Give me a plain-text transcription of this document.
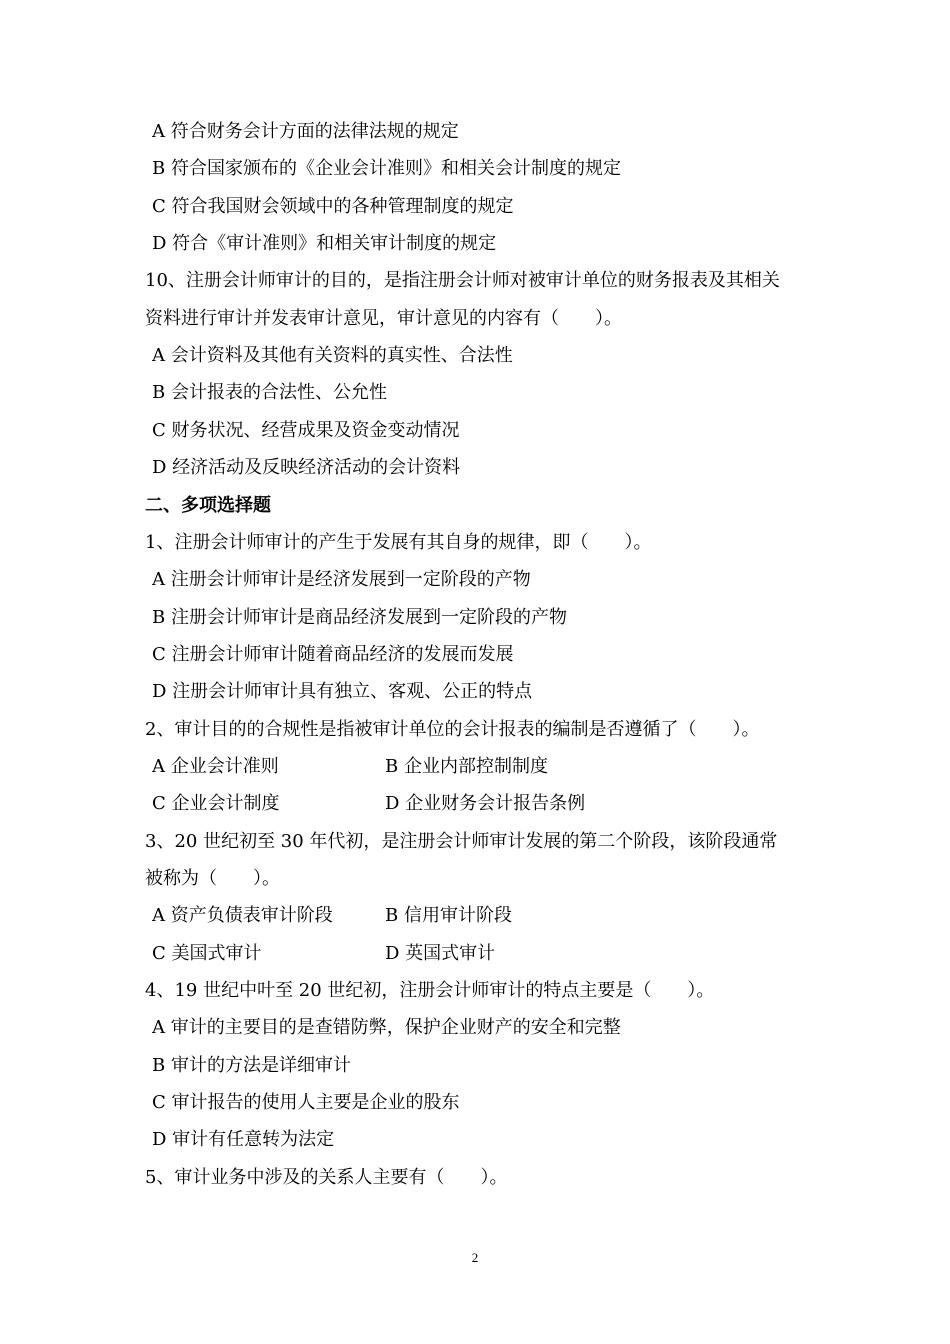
A 符合财务会计方面的法律法规的规定
B 符合国家颁布的《企业会计准则》和相关会计制度的规定
C 符合我国财会领域中的各种管理制度的规定
D 符合《审计准则》和相关审计制度的规定
10、注册会计师审计的目的，是指注册会计师对被审计单位的财务报表及其相关
资料进行审计并发表审计意见，审计意见的内容有（　　）。
A 会计资料及其他有关资料的真实性、合法性
B 会计报表的合法性、公允性
C 财务状况、经营成果及资金变动情况
D 经济活动及反映经济活动的会计资料
二、多项选择题
1、注册会计师审计的产生于发展有其自身的规律，即（　　）。
A 注册会计师审计是经济发展到一定阶段的产物
B 注册会计师审计是商品经济发展到一定阶段的产物
C 注册会计师审计随着商品经济的发展而发展
D 注册会计师审计具有独立、客观、公正的特点
2、审计目的的合规性是指被审计单位的会计报表的编制是否遵循了（　　）。
A 企业会计准则	B 企业内部控制制度
C 企业会计制度	D 企业财务会计报告条例
3、20 世纪初至 30 年代初，是注册会计师审计发展的第二个阶段，该阶段通常
被称为（　　）。
A 资产负债表审计阶段	B 信用审计阶段
C 美国式审计	D 英国式审计
4、19 世纪中叶至 20 世纪初，注册会计师审计的特点主要是（　　）。
A 审计的主要目的是查错防弊，保护企业财产的安全和完整
B 审计的方法是详细审计
C 审计报告的使用人主要是企业的股东
D 审计有任意转为法定
5、审计业务中涉及的关系人主要有（　　）。
2
